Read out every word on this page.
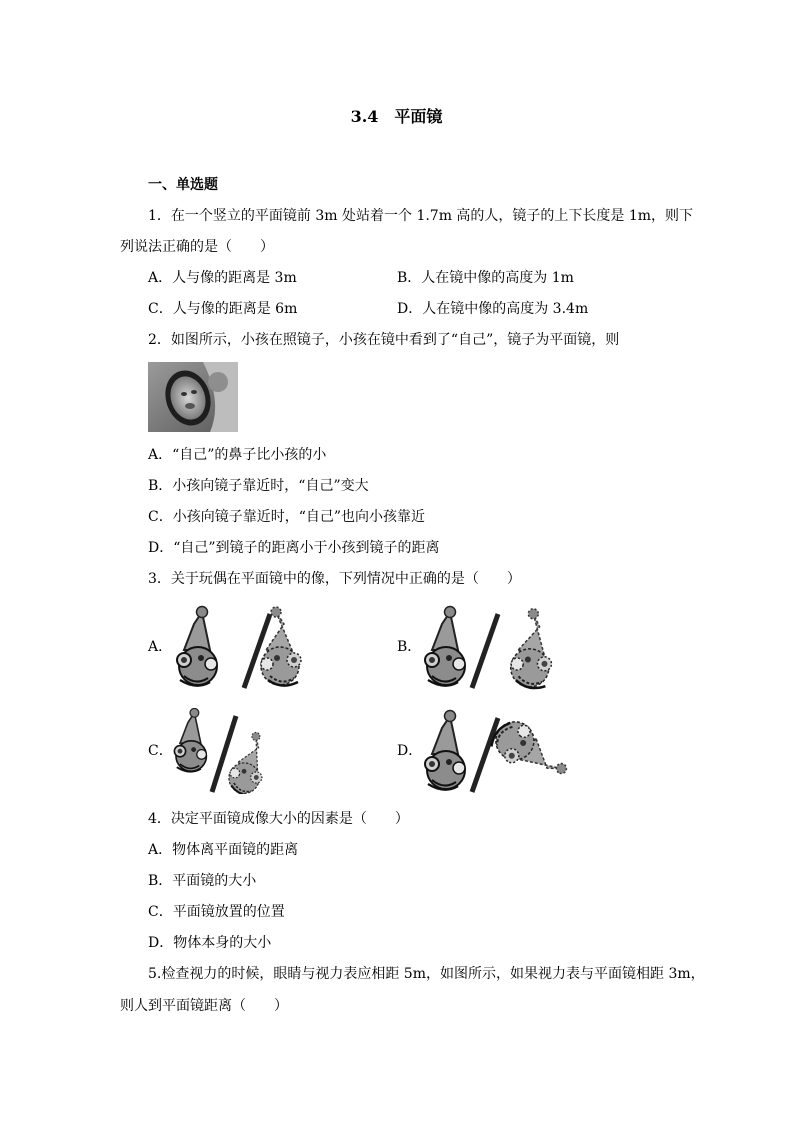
3.4　平面镜
一、单选题
1．在一个竖立的平面镜前 3m 处站着一个 1.7m 高的人，镜子的上下长度是 1m，则下
列说法正确的是（　　）
A．人与像的距离是 3m	B．人在镜中像的高度为 1m
C．人与像的距离是 6m	D．人在镜中像的高度为 3.4m
2．如图所示，小孩在照镜子，小孩在镜中看到了“自己”，镜子为平面镜，则
A．“自己”的鼻子比小孩的小
B．小孩向镜子靠近时，“自己”变大
C．小孩向镜子靠近时，“自己”也向小孩靠近
D．“自己”到镜子的距离小于小孩到镜子的距离
3．关于玩偶在平面镜中的像，下列情况中正确的是（　　）
A．	B．
C．	D．
4．决定平面镜成像大小的因素是（　　）
A．物体离平面镜的距离
B．平面镜的大小
C．平面镜放置的位置
D．物体本身的大小
5.检查视力的时候，眼睛与视力表应相距 5m，如图所示，如果视力表与平面镜相距 3m，
则人到平面镜距离（　　）
